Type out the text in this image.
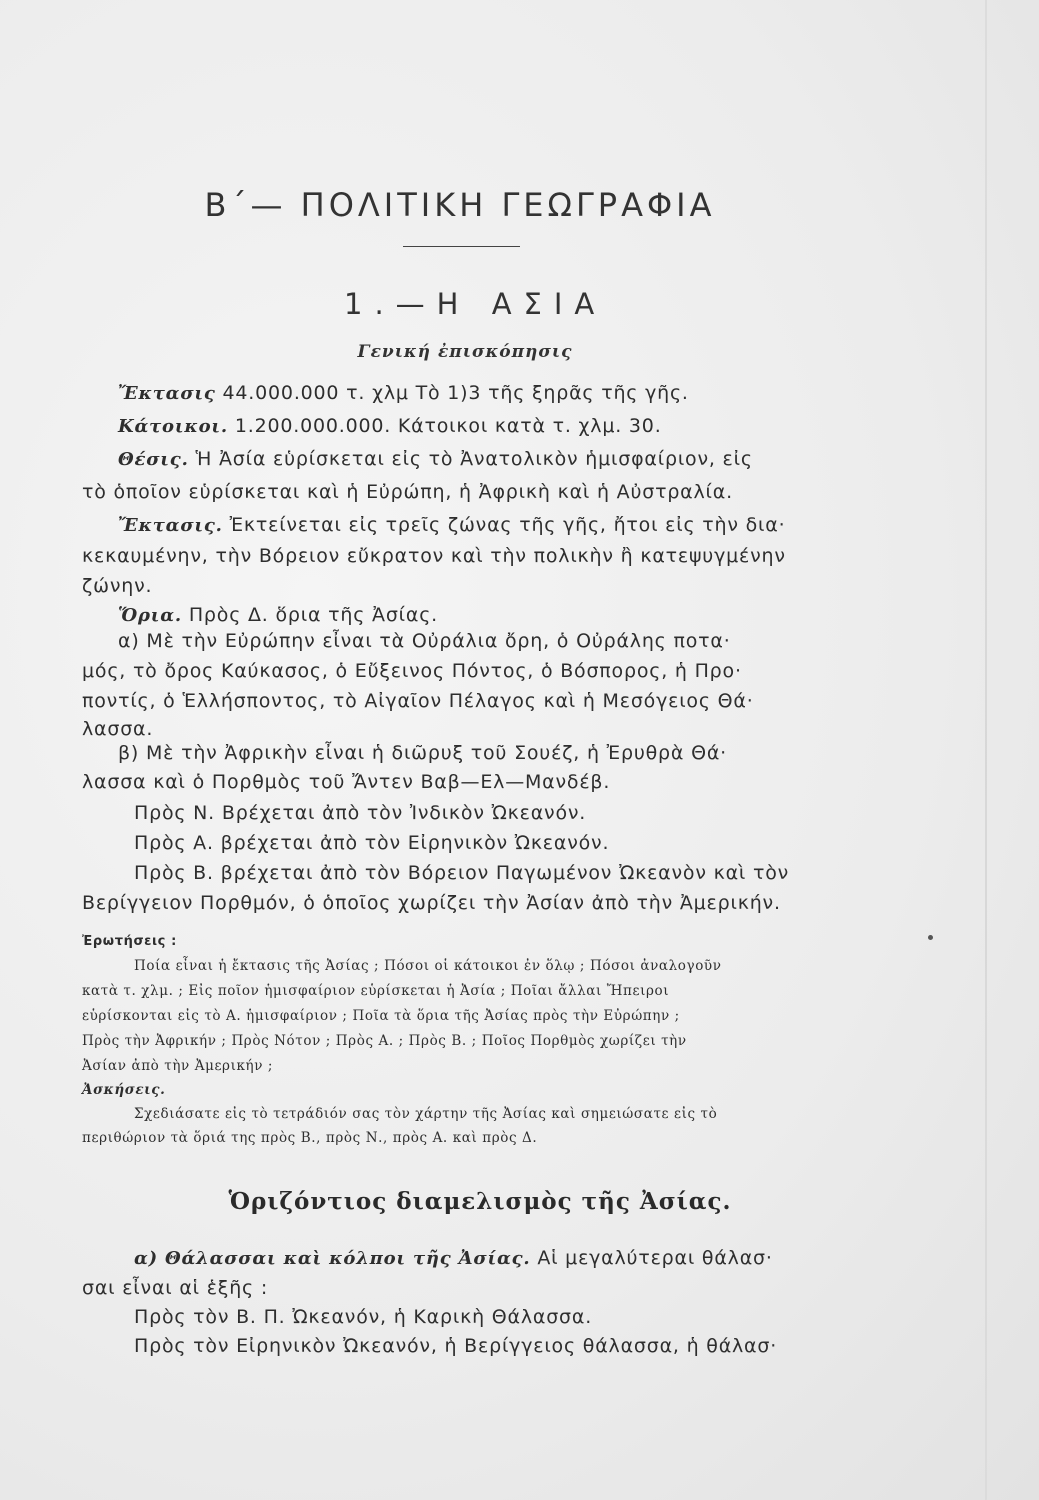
Β΄— ΠΟΛΙΤΙΚΗ ΓΕΩΓΡΑΦΙΑ
1.—Η ΑΣΙΑ
Γενική ἐπισκόπησις
Ἔκτασις 44.000.000 τ. χλμ Τὸ 1)3 τῆς ξηρᾶς τῆς γῆς.
Κάτοικοι. 1.200.000.000. Κάτοικοι κατὰ τ. χλμ. 30.
Θέσις. Ἡ Ἀσία εὑρίσκεται εἰς τὸ Ἀνατολικὸν ἡμισφαίριον, εἰς
τὸ ὁποῖον εὑρίσκεται καὶ ἡ Εὐρώπη, ἡ Ἀφρικὴ καὶ ἡ Αὐστραλία.
Ἔκτασις. Ἐκτείνεται εἰς τρεῖς ζώνας τῆς γῆς, ἤτοι εἰς τὴν δια·
κεκαυμένην, τὴν Βόρειον εὔκρατον καὶ τὴν πολικὴν ἢ κατεψυγμένην
ζώνην.
Ὅρια. Πρὸς Δ. ὅρια τῆς Ἀσίας.
α) Μὲ τὴν Εὐρώπην εἶναι τὰ Οὐράλια ὄρη, ὁ Οὐράλης ποτα·
μός, τὸ ὄρος Καύκασος, ὁ Εὔξεινος Πόντος, ὁ Βόσπορος, ἡ Προ·
ποντίς, ὁ Ἑλλήσποντος, τὸ Αἰγαῖον Πέλαγος καὶ ἡ Μεσόγειος Θά·
λασσα.
β) Μὲ τὴν Ἀφρικὴν εἶναι ἡ διῶρυξ τοῦ Σουέζ, ἡ Ἐρυθρὰ Θά·
λασσα καὶ ὁ Πορθμὸς τοῦ Ἄντεν Βαβ—Ελ—Μανδέβ.
Πρὸς Ν. Βρέχεται ἀπὸ τὸν Ἰνδικὸν Ὠκεανόν.
Πρὸς Α. βρέχεται ἀπὸ τὸν Εἰρηνικὸν Ὠκεανόν.
Πρὸς Β. βρέχεται ἀπὸ τὸν Βόρειον Παγωμένον Ὠκεανὸν καὶ τὸν
Βερίγγειον Πορθμόν, ὁ ὁποῖος χωρίζει τὴν Ἀσίαν ἀπὸ τὴν Ἀμερικήν.
Ἐρωτήσεις :
Ποία εἶναι ἡ ἔκτασις τῆς Ἀσίας ; Πόσοι οἱ κάτοικοι ἐν ὅλῳ ; Πόσοι ἀναλογοῦν
κατὰ τ. χλμ. ; Εἰς ποῖον ἡμισφαίριον εὑρίσκεται ἡ Ἀσία ; Ποῖαι ἄλλαι Ἤπειροι
εὑρίσκονται εἰς τὸ Α. ἡμισφαίριον ; Ποῖα τὰ ὅρια τῆς Ἀσίας πρὸς τὴν Εὐρώπην ;
Πρὸς τὴν Ἀφρικήν ; Πρὸς Νότον ; Πρὸς Α. ; Πρὸς Β. ; Ποῖος Πορθμὸς χωρίζει τὴν
Ἀσίαν ἀπὸ τὴν Ἀμερικήν ;
Ἀσκήσεις.
Σχεδιάσατε εἰς τὸ τετράδιόν σας τὸν χάρτην τῆς Ἀσίας καὶ σημειώσατε εἰς τὸ
περιθώριον τὰ ὅριά της πρὸς Β., πρὸς Ν., πρὸς Α. καὶ πρὸς Δ.
Ὁριζόντιος διαμελισμὸς τῆς Ἀσίας.
α) Θάλασσαι καὶ κόλποι τῆς Ἀσίας. Αἱ μεγαλύτεραι θάλασ·
σαι εἶναι αἱ ἑξῆς :
Πρὸς τὸν Β. Π. Ὠκεανόν, ἡ Καρικὴ Θάλασσα.
Πρὸς τὸν Εἰρηνικὸν Ὠκεανόν, ἡ Βερίγγειος θάλασσα, ἡ θάλασ·
